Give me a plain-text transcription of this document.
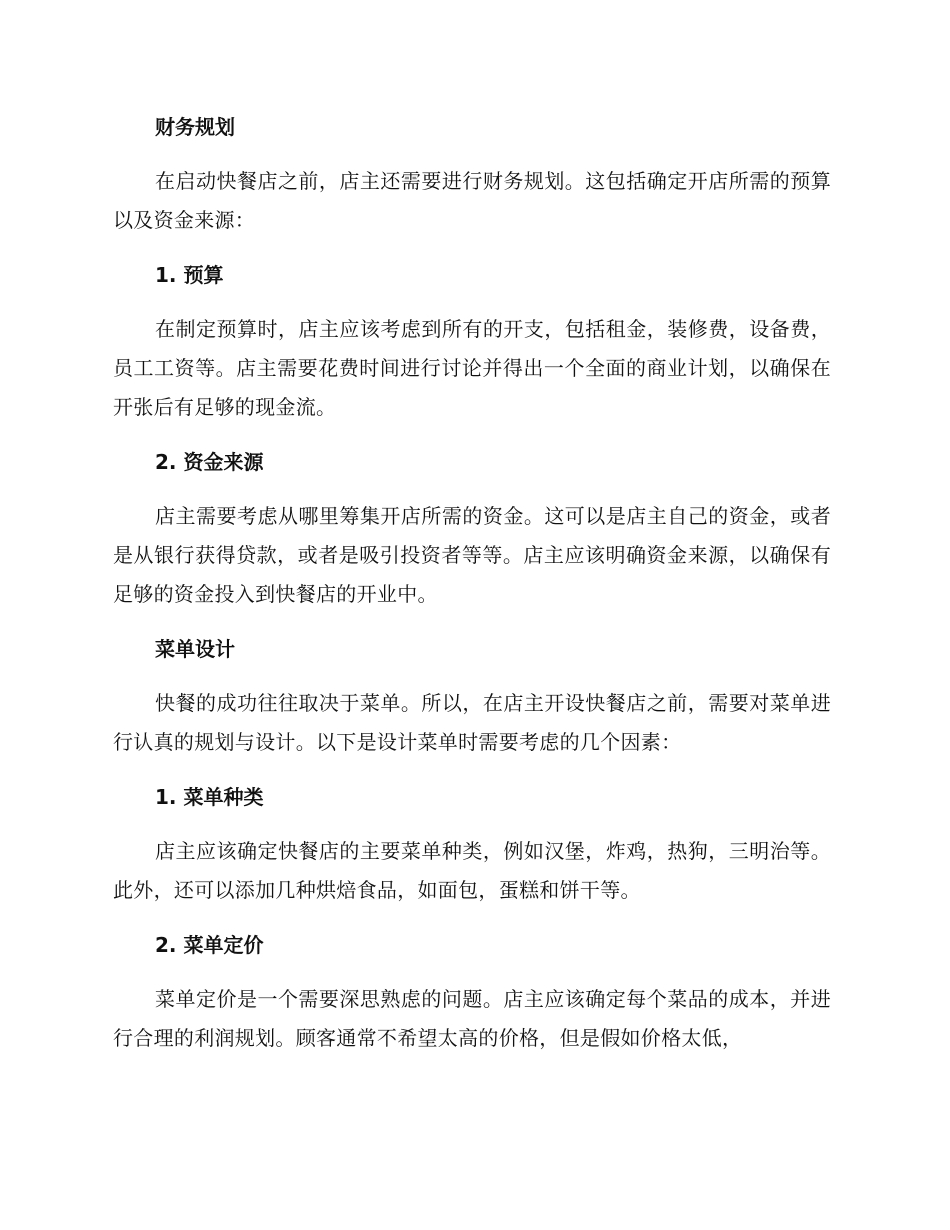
财务规划

在启动快餐店之前，店主还需要进行财务规划。这包括确定开店所需的预算以及资金来源：

1. 预算

在制定预算时，店主应该考虑到所有的开支，包括租金，装修费，设备费，员工工资等。店主需要花费时间进行讨论并得出一个全面的商业计划，以确保在开张后有足够的现金流。

2. 资金来源

店主需要考虑从哪里筹集开店所需的资金。这可以是店主自己的资金，或者是从银行获得贷款，或者是吸引投资者等等。店主应该明确资金来源，以确保有足够的资金投入到快餐店的开业中。

菜单设计

快餐的成功往往取决于菜单。所以，在店主开设快餐店之前，需要对菜单进行认真的规划与设计。以下是设计菜单时需要考虑的几个因素：

1. 菜单种类

店主应该确定快餐店的主要菜单种类，例如汉堡，炸鸡，热狗，三明治等。此外，还可以添加几种烘焙食品，如面包，蛋糕和饼干等。

2. 菜单定价

菜单定价是一个需要深思熟虑的问题。店主应该确定每个菜品的成本，并进行合理的利润规划。顾客通常不希望太高的价格，但是假如价格太低，
